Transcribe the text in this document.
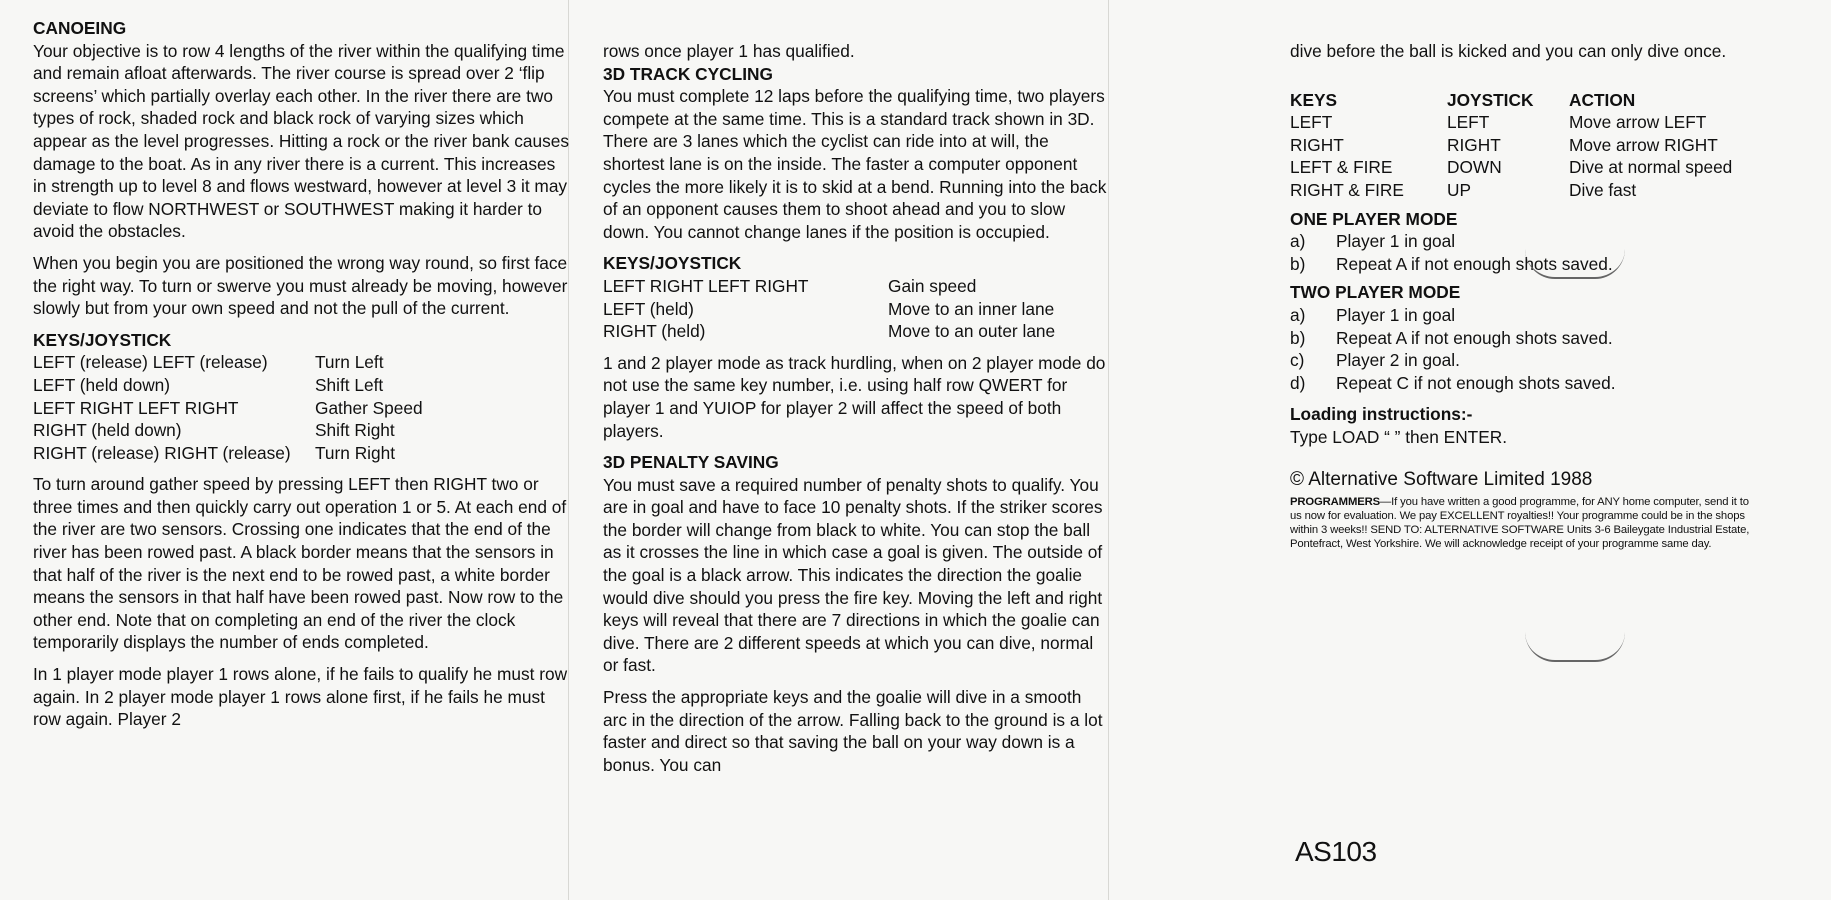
CANOEING

Your objective is to row 4 lengths of the river within the qualifying time and remain afloat afterwards. The river course is spread over 2 ‘flip screens’ which partially overlay each other. In the river there are two types of rock, shaded rock and black rock of varying sizes which appear as the level progresses. Hitting a rock or the river bank causes damage to the boat. As in any river there is a current. This increases in strength up to level 8 and flows westward, however at level 3 it may deviate to flow NORTHWEST or SOUTHWEST making it harder to avoid the obstacles.

When you begin you are positioned the wrong way round, so first face the right way. To turn or swerve you must already be moving, however slowly but from your own speed and not the pull of the current.

KEYS/JOYSTICK
LEFT (release) LEFT (release)	Turn Left
LEFT (held down)	Shift Left
LEFT RIGHT LEFT RIGHT	Gather Speed
RIGHT (held down)	Shift Right
RIGHT (release) RIGHT (release)	Turn Right

To turn around gather speed by pressing LEFT then RIGHT two or three times and then quickly carry out operation 1 or 5. At each end of the river are two sensors. Crossing one indicates that the end of the river has been rowed past. A black border means that the sensors in that half of the river is the next end to be rowed past, a white border means the sensors in that half have been rowed past. Now row to the other end. Note that on completing an end of the river the clock temporarily displays the number of ends completed.

In 1 player mode player 1 rows alone, if he fails to qualify he must row again. In 2 player mode player 1 rows alone first, if he fails he must row again. Player 2

rows once player 1 has qualified.

3D TRACK CYCLING

You must complete 12 laps before the qualifying time, two players compete at the same time. This is a standard track shown in 3D. There are 3 lanes which the cyclist can ride into at will, the shortest lane is on the inside. The faster a computer opponent cycles the more likely it is to skid at a bend. Running into the back of an opponent causes them to shoot ahead and you to slow down. You cannot change lanes if the position is occupied.

KEYS/JOYSTICK
LEFT RIGHT LEFT RIGHT	Gain speed
LEFT (held)	Move to an inner lane
RIGHT (held)	Move to an outer lane

1 and 2 player mode as track hurdling, when on 2 player mode do not use the same key number, i.e. using half row QWERT for player 1 and YUIOP for player 2 will affect the speed of both players.

3D PENALTY SAVING

You must save a required number of penalty shots to qualify. You are in goal and have to face 10 penalty shots. If the striker scores the border will change from black to white. You can stop the ball as it crosses the line in which case a goal is given. The outside of the goal is a black arrow. This indicates the direction the goalie would dive should you press the fire key. Moving the left and right keys will reveal that there are 7 directions in which the goalie can dive. There are 2 different speeds at which you can dive, normal or fast.

Press the appropriate keys and the goalie will dive in a smooth arc in the direction of the arrow. Falling back to the ground is a lot faster and direct so that saving the ball on your way down is a bonus. You can

dive before the ball is kicked and you can only dive once.

KEYS	JOYSTICK	ACTION
LEFT	LEFT	Move arrow LEFT
RIGHT	RIGHT	Move arrow RIGHT
LEFT & FIRE	DOWN	Dive at normal speed
RIGHT & FIRE	UP	Dive fast
ONE PLAYER MODE
a)	Player 1 in goal
b)	Repeat A if not enough shots saved.
TWO PLAYER MODE
a)	Player 1 in goal
b)	Repeat A if not enough shots saved.
c)	Player 2 in goal.
d)	Repeat C if not enough shots saved.
Loading instructions:-

Type LOAD “ ” then ENTER.

© Alternative Software Limited 1988

PROGRAMMERS—If you have written a good programme, for ANY home computer, send it to us now for evaluation. We pay EXCELLENT royalties!! Your programme could be in the shops within 3 weeks!! SEND TO: ALTERNATIVE SOFTWARE Units 3-6 Baileygate Industrial Estate, Pontefract, West Yorkshire. We will acknowledge receipt of your programme same day.

AS103
